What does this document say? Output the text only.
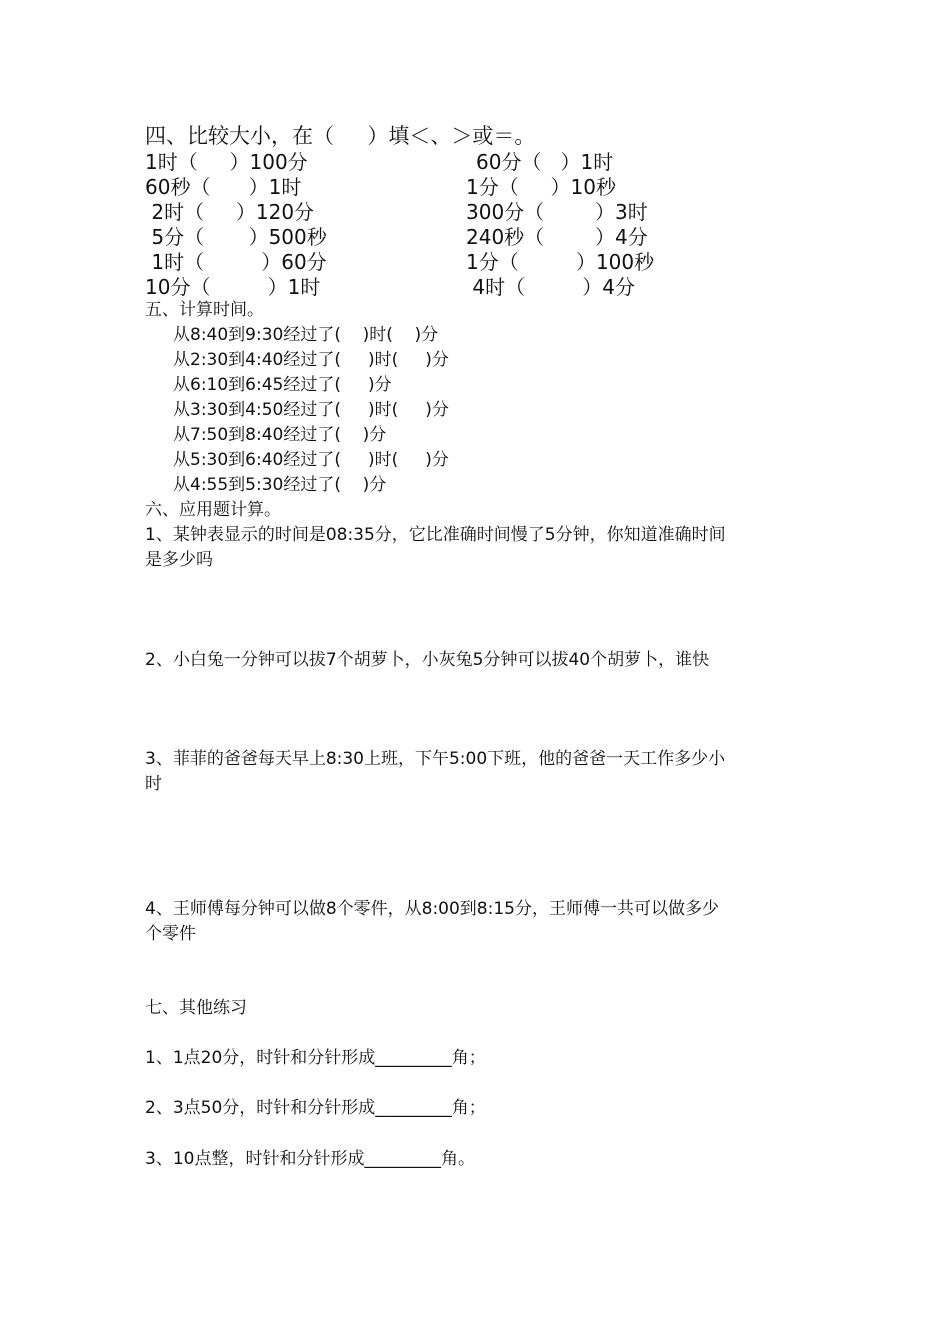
四、比较大小，在（     ）填＜、＞或＝。
1时（     ）100分	60分（   ）1时
60秒（      ）1时	1分（     ）10秒
2时（     ）120分	300分（        ）3时
5分（       ）500秒	240秒（        ）4分
1时（         ）60分	1分（         ）100秒
10分（         ）1时	4时（         ）4分
五、计算时间。
从8:40到9:30经过了(    )时(    )分
从2:30到4:40经过了(     )时(     )分
从6:10到6:45经过了(     )分
从3:30到4:50经过了(     )时(     )分
从7:50到8:40经过了(    )分
从5:30到6:40经过了(     )时(     )分
从4:55到5:30经过了(    )分
六、应用题计算。
1、某钟表显示的时间是08:35分，它比准确时间慢了5分钟，你知道准确时间
是多少吗
2、小白兔一分钟可以拔7个胡萝卜，小灰兔5分钟可以拔40个胡萝卜，谁快
3、菲菲的爸爸每天早上8:30上班，下午5:00下班，他的爸爸一天工作多少小
时
4、王师傅每分钟可以做8个零件，从8:00到8:15分，王师傅一共可以做多少
个零件
七、其他练习
1、1点20分，时针和分针形成_________角；
2、3点50分，时针和分针形成_________角；
3、10点整，时针和分针形成_________角。
